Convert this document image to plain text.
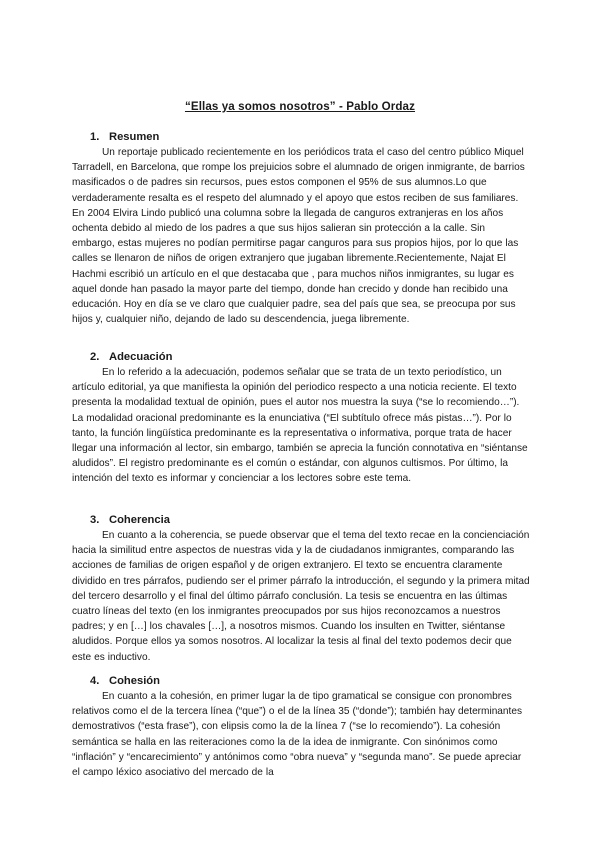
“Ellas ya somos nosotros” - Pablo Ordaz
1. Resumen

Un reportaje publicado recientemente en los periódicos trata el caso del centro público Miquel Tarradell, en Barcelona, que rompe los prejuicios sobre el alumnado de origen inmigrante, de barrios masificados o de padres sin recursos, pues estos componen el 95% de sus alumnos.Lo que verdaderamente resalta es el respeto del alumnado y el apoyo que estos reciben de sus familiares. En 2004 Elvira Lindo publicó una columna sobre la llegada de canguros extranjeras en los años ochenta debido al miedo de los padres a que sus hijos salieran sin protección a la calle. Sin embargo, estas mujeres no podían permitirse pagar canguros para sus propios hijos, por lo que las calles se llenaron de niños de origen extranjero que jugaban libremente.Recientemente, Najat El Hachmi escribió un artículo en el que destacaba que , para muchos niños inmigrantes, su lugar es aquel donde han pasado la mayor parte del tiempo, donde han crecido y donde han recibido una educación. Hoy en día se ve claro que cualquier padre, sea del país que sea, se preocupa por sus hijos y, cualquier niño, dejando de lado su descendencia, juega libremente.

2. Adecuación

En lo referido a la adecuación, podemos señalar que se trata de un texto periodístico, un artículo editorial, ya que manifiesta la opinión del periodico respecto a una noticia reciente. El texto presenta la modalidad textual de opinión, pues el autor nos muestra la suya (“se lo recomiendo…”). La modalidad oracional predominante es la enunciativa (“El subtítulo ofrece más pistas…”). Por lo tanto, la función lingüística predominante es la representativa o informativa, porque trata de hacer llegar una información al lector, sin embargo, también se aprecia la función connotativa en “siéntanse aludidos”. El registro predominante es el común o estándar, con algunos cultismos. Por último, la intención del texto es informar y concienciar a los lectores sobre este tema.

3. Coherencia

En cuanto a la coherencia, se puede observar que el tema del texto recae en la concienciación hacia la similitud entre aspectos de nuestras vida y la de ciudadanos inmigrantes, comparando las acciones de familias de origen español y de origen extranjero. El texto se encuentra claramente dividido en tres párrafos, pudiendo ser el primer párrafo la introducción, el segundo y la primera mitad del tercero desarrollo y el final del último párrafo conclusión. La tesis se encuentra en las últimas cuatro líneas del texto (en los inmigrantes preocupados por sus hijos reconozcamos a nuestros padres; y en […] los chavales […], a nosotros mismos. Cuando los insulten en Twitter, siéntanse aludidos. Porque ellos ya somos nosotros. Al localizar la tesis al final del texto podemos decir que este es inductivo.

4. Cohesión

En cuanto a la cohesión, en primer lugar la de tipo gramatical se consigue con pronombres relativos como el de la tercera línea (“que”) o el de la línea 35 (“donde”); también hay determinantes demostrativos (“esta frase”), con elipsis como la de la línea 7 (“se lo recomiendo”). La cohesión semántica se halla en las reiteraciones como la de la idea de inmigrante. Con sinónimos como “inflación” y “encarecimiento” y antónimos como “obra nueva” y “segunda mano”. Se puede apreciar el campo léxico asociativo del mercado de la
